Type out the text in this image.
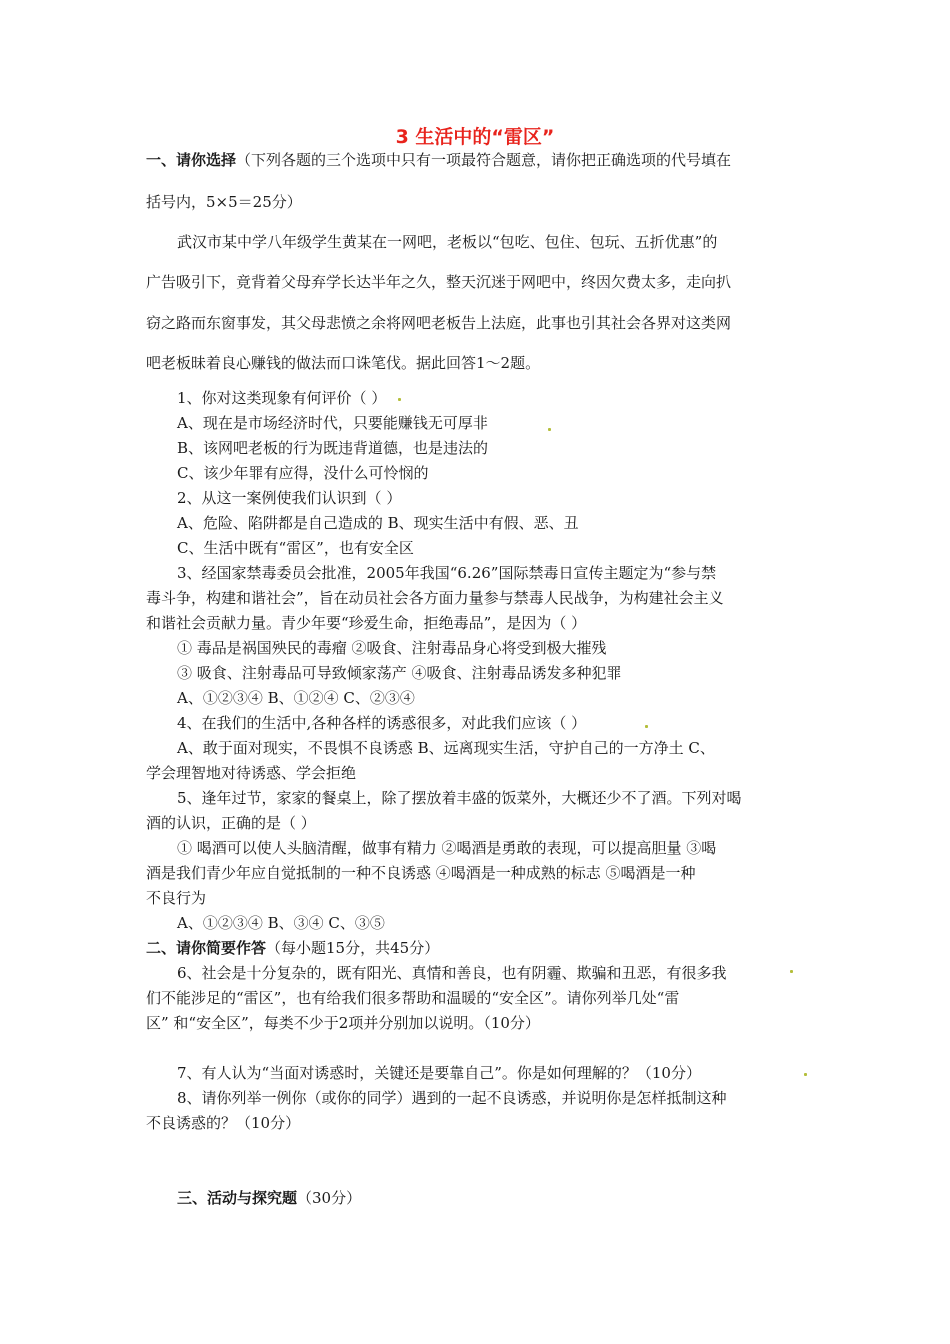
3 生活中的“雷区”
一、请你选择（下列各题的三个选项中只有一项最符合题意，请你把正确选项的代号填在
括号内，5×5＝25分）
武汉市某中学八年级学生黄某在一网吧，老板以“包吃、包住、包玩、五折优惠”的
广告吸引下，竟背着父母弃学长达半年之久，整天沉迷于网吧中，终因欠费太多，走向扒
窃之路而东窗事发，其父母悲愤之余将网吧老板告上法庭，此事也引其社会各界对这类网
吧老板昧着良心赚钱的做法而口诛笔伐。据此回答1～2题。
1、你对这类现象有何评价（ ）
A、现在是市场经济时代，只要能赚钱无可厚非
B、该网吧老板的行为既违背道德，也是违法的
C、该少年罪有应得，没什么可怜悯的
2、从这一案例使我们认识到（ ）
A、危险、陷阱都是自己造成的 B、现实生活中有假、恶、丑
C、生活中既有“雷区”，也有安全区
3、经国家禁毒委员会批准，2005年我国“6.26”国际禁毒日宣传主题定为“参与禁
毒斗争，构建和谐社会”，旨在动员社会各方面力量参与禁毒人民战争，为构建社会主义
和谐社会贡献力量。青少年要“珍爱生命，拒绝毒品”，是因为（ ）
① 毒品是祸国殃民的毒瘤 ②吸食、注射毒品身心将受到极大摧残
③ 吸食、注射毒品可导致倾家荡产 ④吸食、注射毒品诱发多种犯罪
A、①②③④ B、①②④ C、②③④
4、在我们的生活中,各种各样的诱惑很多，对此我们应该（ ）
A、敢于面对现实，不畏惧不良诱惑 B、远离现实生活，守护自己的一方净土 C、
学会理智地对待诱惑、学会拒绝
5、逢年过节，家家的餐桌上，除了摆放着丰盛的饭菜外，大概还少不了酒。下列对喝
酒的认识，正确的是（ ）
① 喝酒可以使人头脑清醒，做事有精力 ②喝酒是勇敢的表现，可以提高胆量 ③喝
酒是我们青少年应自觉抵制的一种不良诱惑 ④喝酒是一种成熟的标志 ⑤喝酒是一种
不良行为
A、①②③④ B、③④ C、③⑤
二、请你简要作答（每小题15分，共45分）
6、社会是十分复杂的，既有阳光、真情和善良，也有阴霾、欺骗和丑恶，有很多我
们不能涉足的“雷区”，也有给我们很多帮助和温暖的“安全区”。请你列举几处“雷
区” 和“安全区”，每类不少于2项并分别加以说明。（10分）
7、有人认为“当面对诱惑时，关键还是要靠自己”。你是如何理解的？（10分）
8、请你列举一例你（或你的同学）遇到的一起不良诱惑，并说明你是怎样抵制这种
不良诱惑的？（10分）
三、活动与探究题（30分）
